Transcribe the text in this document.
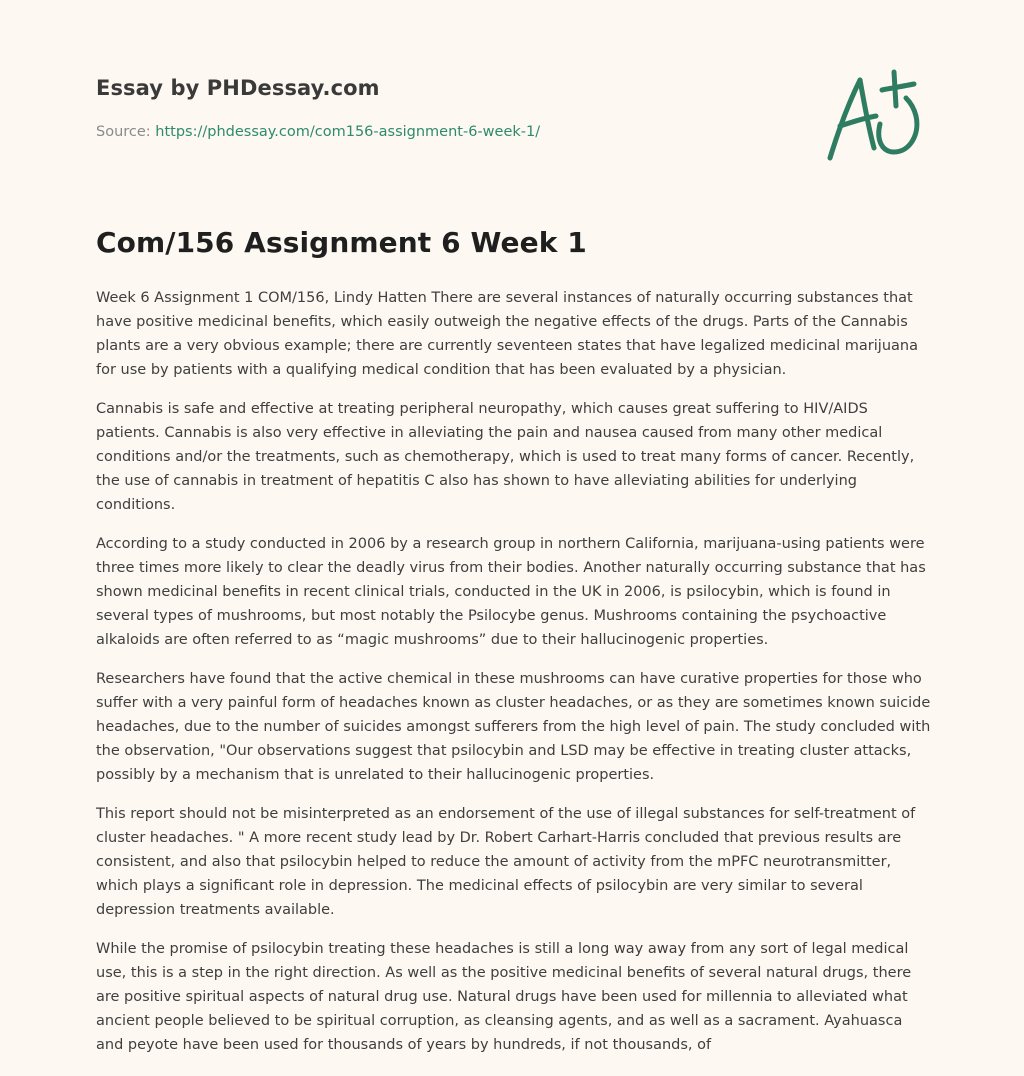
Essay by PHDessay.com
Source: https://phdessay.com/com156-assignment-6-week-1/
Com/156 Assignment 6 Week 1

Week 6 Assignment 1 COM/156, Lindy Hatten There are several instances of naturally occurring substances that have positive medicinal benefits, which easily outweigh the negative effects of the drugs. Parts of the Cannabis plants are a very obvious example; there are currently seventeen states that have legalized medicinal marijuana for use by patients with a qualifying medical condition that has been evaluated by a physician.

Cannabis is safe and effective at treating peripheral neuropathy, which causes great suffering to HIV/AIDS patients. Cannabis is also very effective in alleviating the pain and nausea caused from many other medical conditions and/or the treatments, such as chemotherapy, which is used to treat many forms of cancer. Recently, the use of cannabis in treatment of hepatitis C also has shown to have alleviating abilities for underlying conditions.

According to a study conducted in 2006 by a research group in northern California, marijuana-using patients were three times more likely to clear the deadly virus from their bodies. Another naturally occurring substance that has shown medicinal benefits in recent clinical trials, conducted in the UK in 2006, is psilocybin, which is found in several types of mushrooms, but most notably the Psilocybe genus. Mushrooms containing the psychoactive alkaloids are often referred to as “magic mushrooms” due to their hallucinogenic properties.

Researchers have found that the active chemical in these mushrooms can have curative properties for those who suffer with a very painful form of headaches known as cluster headaches, or as they are sometimes known suicide headaches, due to the number of suicides amongst sufferers from the high level of pain. The study concluded with the observation, "Our observations suggest that psilocybin and LSD may be effective in treating cluster attacks, possibly by a mechanism that is unrelated to their hallucinogenic properties.

This report should not be misinterpreted as an endorsement of the use of illegal substances for self-treatment of cluster headaches. " A more recent study lead by Dr. Robert Carhart-Harris concluded that previous results are consistent, and also that psilocybin helped to reduce the amount of activity from the mPFC neurotransmitter, which plays a significant role in depression. The medicinal effects of psilocybin are very similar to several depression treatments available.

While the promise of psilocybin treating these headaches is still a long way away from any sort of legal medical use, this is a step in the right direction. As well as the positive medicinal benefits of several natural drugs, there are positive spiritual aspects of natural drug use. Natural drugs have been used for millennia to alleviated what ancient people believed to be spiritual corruption, as cleansing agents, and as well as a sacrament. Ayahuasca and peyote have been used for thousands of years by hundreds, if not thousands, of
